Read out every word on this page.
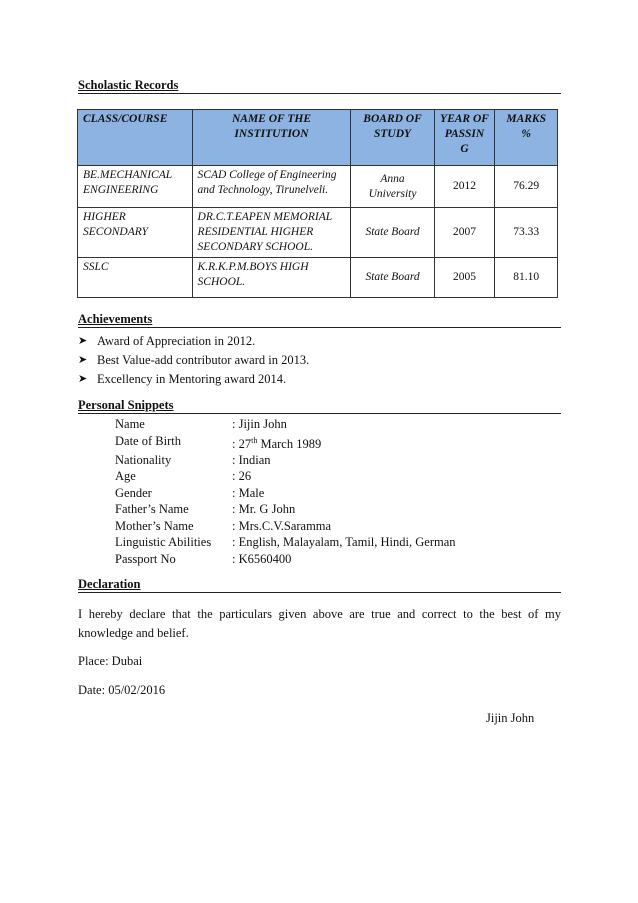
Scholastic Records
CLASS/COURSE	NAME OF THE INSTITUTION	BOARD OF STUDY	YEAR OF PASSIN G	MARKS %
BE.MECHANICAL ENGINEERING	SCAD College of Engineering and Technology, Tirunelveli.	Anna University	2012	76.29
HIGHER SECONDARY	DR.C.T.EAPEN MEMORIAL RESIDENTIAL HIGHER SECONDARY SCHOOL.	State Board	2007	73.33
SSLC	K.R.K.P.M.BOYS HIGH SCHOOL.	State Board	2005	81.10
Achievements
➤ Award of Appreciation in 2012.
➤ Best Value-add contributor award in 2013.
➤ Excellency in Mentoring award 2014.
Personal Snippets
Name	: Jijin John
Date of Birth	: 27th March 1989
Nationality	: Indian
Age	: 26
Gender	: Male
Father’s Name	: Mr. G John
Mother’s Name	: Mrs.C.V.Saramma
Linguistic Abilities	: English, Malayalam, Tamil, Hindi, German
Passport No	: K6560400
Declaration
I hereby declare that the particulars given above are true and correct to the best of my knowledge and belief.
Place: Dubai
Date: 05/02/2016
Jijin John
